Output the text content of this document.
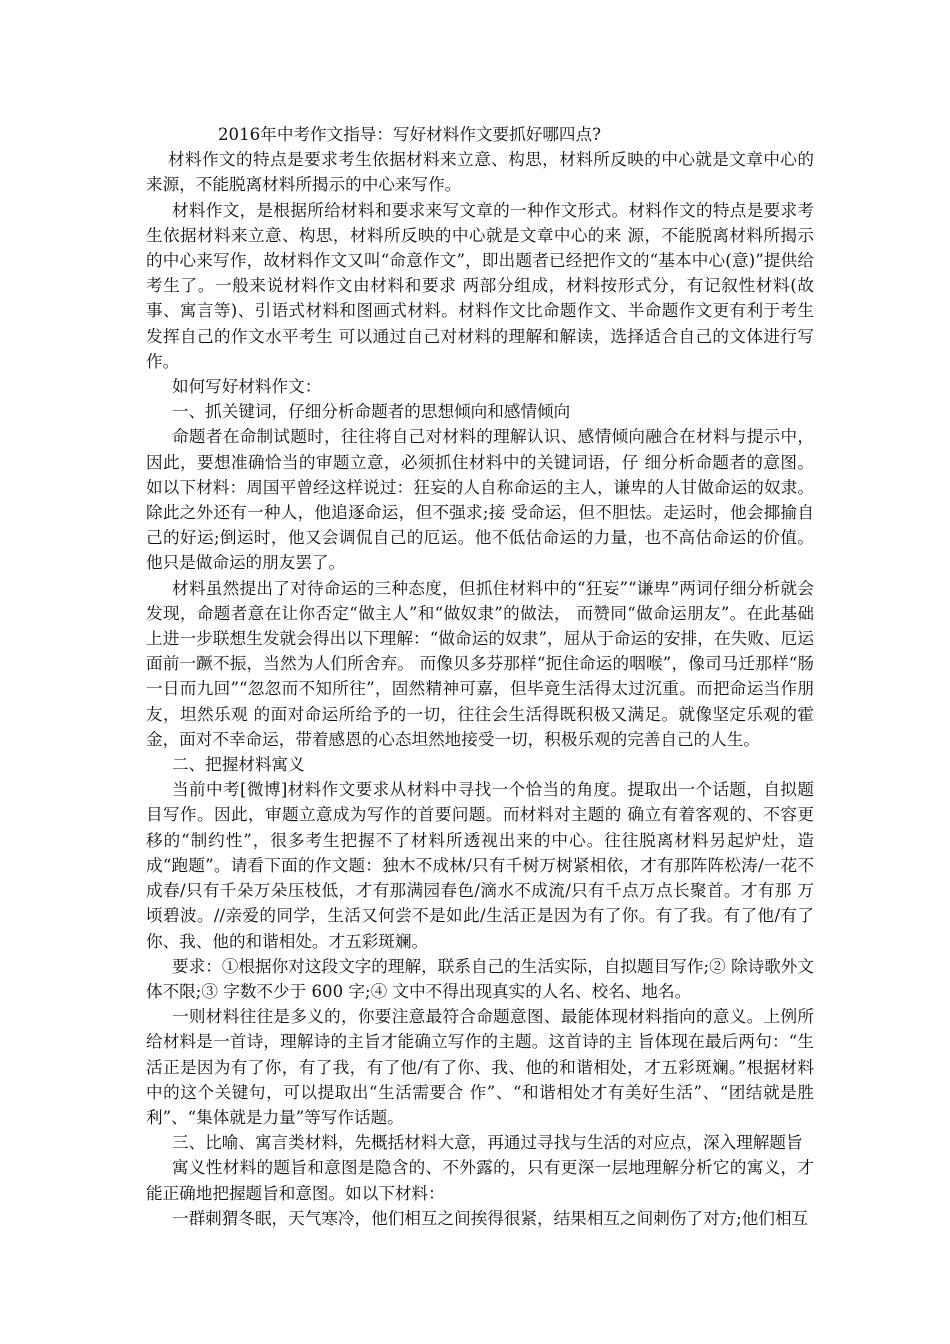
2016年中考作文指导：写好材料作文要抓好哪四点?

材料作文的特点是要求考生依据材料来立意、构思，材料所反映的中心就是文章中心的来源，不能脱离材料所揭示的中心来写作。

材料作文，是根据所给材料和要求来写文章的一种作文形式。材料作文的特点是要求考生依据材料来立意、构思，材料所反映的中心就是文章中心的来 源，不能脱离材料所揭示的中心来写作，故材料作文又叫“命意作文”，即出题者已经把作文的“基本中心(意)”提供给考生了。一般来说材料作文由材料和要求 两部分组成，材料按形式分，有记叙性材料(故事、寓言等)、引语式材料和图画式材料。材料作文比命题作文、半命题作文更有利于考生发挥自己的作文水平考生 可以通过自己对材料的理解和解读，选择适合自己的文体进行写作。

如何写好材料作文：

一、抓关键词，仔细分析命题者的思想倾向和感情倾向

命题者在命制试题时，往往将自己对材料的理解认识、感情倾向融合在材料与提示中，因此，要想准确恰当的审题立意，必须抓住材料中的关键词语，仔 细分析命题者的意图。如以下材料：周国平曾经这样说过：狂妄的人自称命运的主人，谦卑的人甘做命运的奴隶。除此之外还有一种人，他追逐命运，但不强求;接 受命运，但不胆怯。走运时，他会揶揄自己的好运;倒运时，他又会调侃自己的厄运。他不低估命运的力量，也不高估命运的价值。他只是做命运的朋友罢了。

材料虽然提出了对待命运的三种态度，但抓住材料中的“狂妄”“谦卑”两词仔细分析就会发现，命题者意在让你否定“做主人”和“做奴隶”的做法， 而赞同“做命运朋友”。在此基础上进一步联想生发就会得出以下理解：“做命运的奴隶”，屈从于命运的安排，在失败、厄运面前一蹶不振，当然为人们所舍弃。 而像贝多芬那样“扼住命运的咽喉”，像司马迁那样“肠一日而九回”“忽忽而不知所往”，固然精神可嘉，但毕竟生活得太过沉重。而把命运当作朋友，坦然乐观 的面对命运所给予的一切，往往会生活得既积极又满足。就像坚定乐观的霍金，面对不幸命运，带着感恩的心态坦然地接受一切，积极乐观的完善自己的人生。

二、把握材料寓义

当前中考[微博]材料作文要求从材料中寻找一个恰当的角度。提取出一个话题，自拟题目写作。因此，审题立意成为写作的首要问题。而材料对主题的 确立有着客观的、不容更移的“制约性”，很多考生把握不了材料所透视出来的中心。往往脱离材料另起炉灶，造成“跑题”。请看下面的作文题：独木不成林/只有千树万树紧相依，才有那阵阵松涛/一花不成春/只有千朵万朵压枝低，才有那满园春色/滴水不成流/只有千点万点长聚首。才有那 万顷碧波。//亲爱的同学，生活又何尝不是如此/生活正是因为有了你。有了我。有了他/有了你、我、他的和谐相处。才五彩斑斓。

要求：①根据你对这段文字的理解，联系自己的生活实际，自拟题目写作;② 除诗歌外文体不限;③ 字数不少于 600 字;④ 文中不得出现真实的人名、校名、地名。

一则材料往往是多义的，你要注意最符合命题意图、最能体现材料指向的意义。上例所给材料是一首诗，理解诗的主旨才能确立写作的主题。这首诗的主 旨体现在最后两句：“生活正是因为有了你，有了我，有了他/有了你、我、他的和谐相处，才五彩斑斓。”根据材料中的这个关键句，可以提取出“生活需要合 作”、“和谐相处才有美好生活”、“团结就是胜利”、“集体就是力量”等写作话题。

三、比喻、寓言类材料，先概括材料大意，再通过寻找与生活的对应点，深入理解题旨

寓义性材料的题旨和意图是隐含的、不外露的，只有更深一层地理解分析它的寓义，才能正确地把握题旨和意图。如以下材料：

一群刺猬冬眠，天气寒冷，他们相互之间挨得很紧，结果相互之间刺伤了对方;他们相互
